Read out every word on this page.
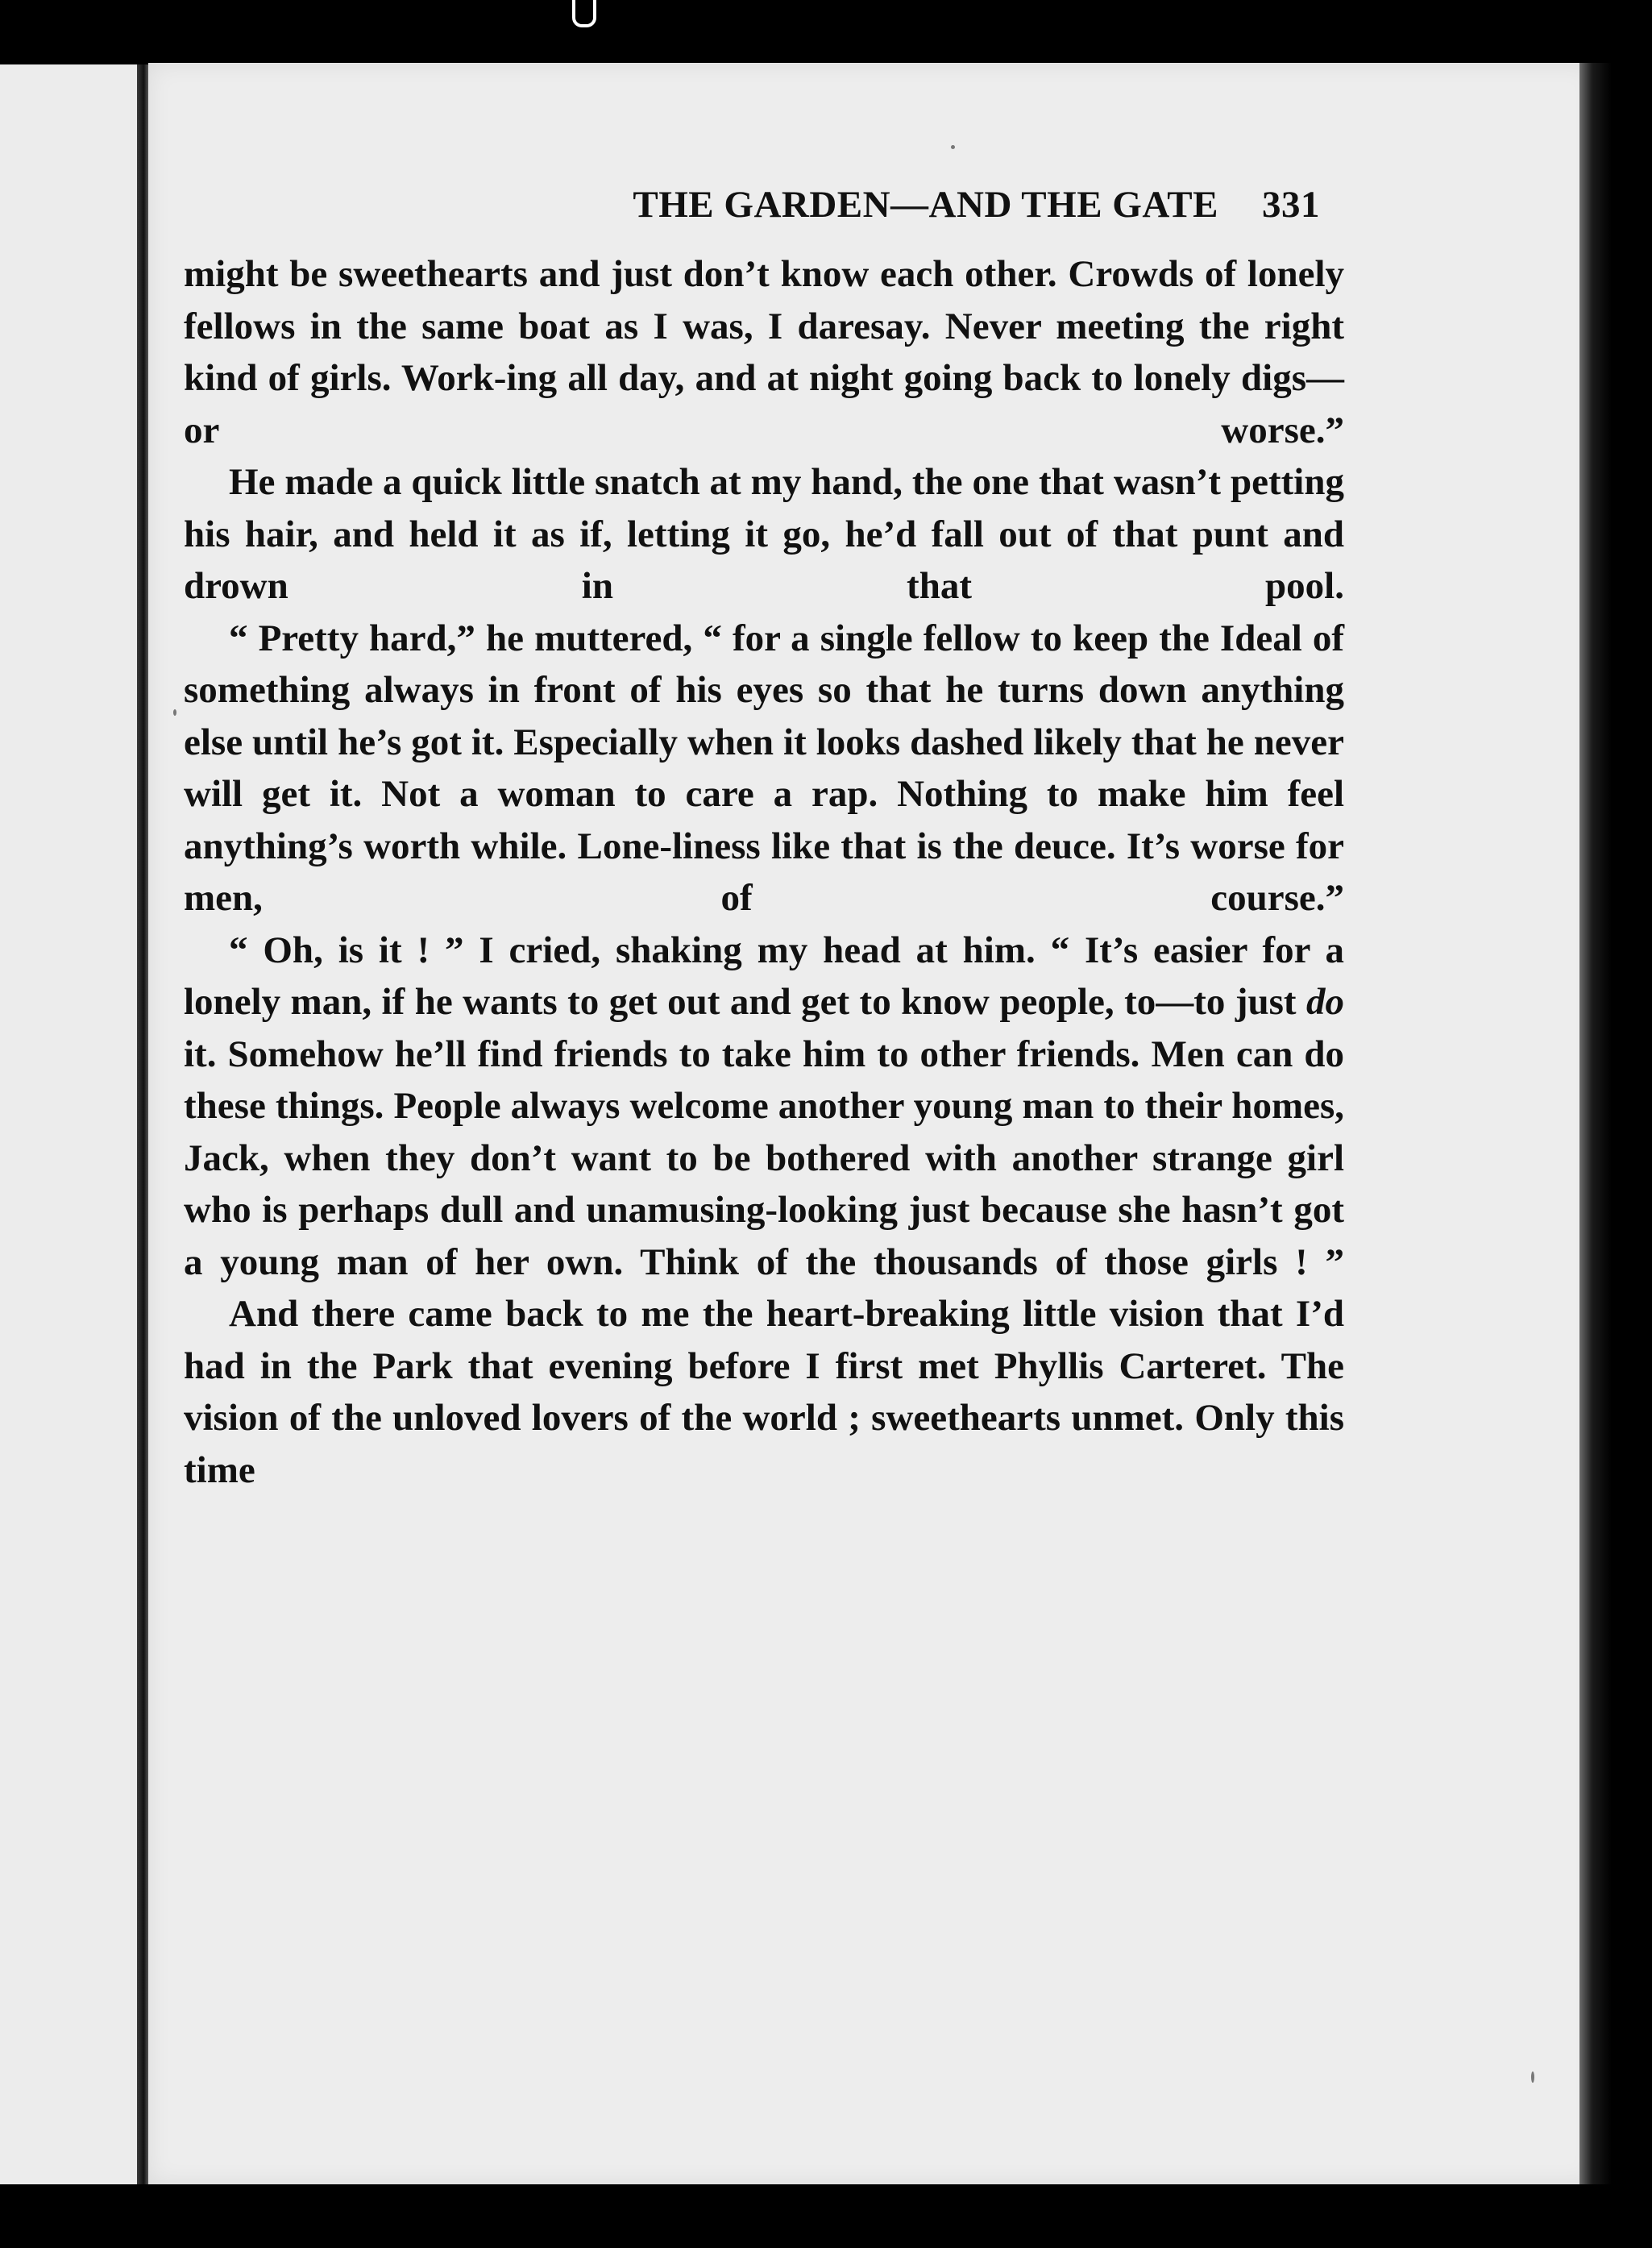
THE GARDEN—AND THE GATE 331

might be sweethearts and just don’t know each other. Crowds of lonely fellows in the same boat as I was, I daresay. Never meeting the right kind of girls. Work-ing all day, and at night going back to lonely digs—or worse.”

He made a quick little snatch at my hand, the one that wasn’t petting his hair, and held it as if, letting it go, he’d fall out of that punt and drown in that pool.

“ Pretty hard,” he muttered, “ for a single fellow to keep the Ideal of something always in front of his eyes so that he turns down anything else until he’s got it. Especially when it looks dashed likely that he never will get it. Not a woman to care a rap. Nothing to make him feel anything’s worth while. Lone-liness like that is the deuce. It’s worse for men, of course.”

“ Oh, is it ! ” I cried, shaking my head at him. “ It’s easier for a lonely man, if he wants to get out and get to know people, to—to just do it. Somehow he’ll find friends to take him to other friends. Men can do these things. People always welcome another young man to their homes, Jack, when they don’t want to be bothered with another strange girl who is perhaps dull and unamusing-looking just because she hasn’t got a young man of her own. Think of the thousands of those girls ! ”

And there came back to me the heart-breaking little vision that I’d had in the Park that evening before I first met Phyllis Carteret. The vision of the unloved lovers of the world ; sweethearts unmet. Only this time
